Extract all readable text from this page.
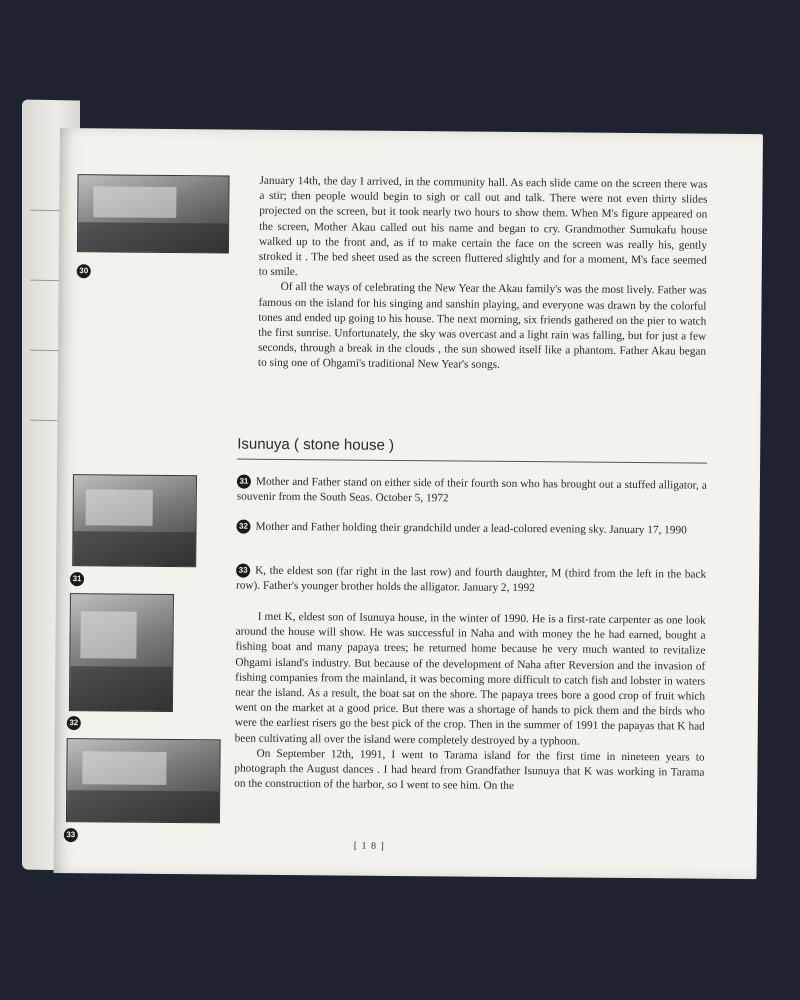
30

January 14th, the day I arrived, in the community hall. As each slide came on the screen there was a stir; then people would begin to sigh or call out and talk. There were not even thirty slides projected on the screen, but it took nearly two hours to show them. When M's figure appeared on the screen, Mother Akau called out his name and began to cry. Grandmother Sumukafu house walked up to the front and, as if to make certain the face on the screen was really his, gently stroked it . The bed sheet used as the screen fluttered slightly and for a moment, M's face seemed to smile.

Of all the ways of celebrating the New Year the Akau family's was the most lively. Father was famous on the island for his singing and sanshin playing, and everyone was drawn by the colorful tones and ended up going to his house. The next morning, six friends gathered on the pier to watch the first sunrise. Unfortunately, the sky was overcast and a light rain was falling, but for just a few seconds, through a break in the clouds , the sun showed itself like a phantom. Father Akau began to sing one of Ohgami's traditional New Year's songs.

Isunuya ( stone house )
31
32
33
31 Mother and Father stand on either side of their fourth son who has brought out a stuffed alligator, a souvenir from the South Seas. October 5, 1972
32 Mother and Father holding their grandchild under a lead-colored evening sky. January 17, 1990
33 K, the eldest son (far right in the last row) and fourth daughter, M (third from the left in the back row). Father's younger brother holds the alligator. January 2, 1992

I met K, eldest son of Isunuya house, in the winter of 1990. He is a first-rate carpenter as one look around the house will show. He was successful in Naha and with money the he had earned, bought a fishing boat and many papaya trees; he returned home because he very much wanted to revitalize Ohgami island's industry. But because of the development of Naha after Reversion and the invasion of fishing companies from the mainland, it was becoming more difficult to catch fish and lobster in waters near the island. As a result, the boat sat on the shore. The papaya trees bore a good crop of fruit which went on the market at a good price. But there was a shortage of hands to pick them and the birds who were the earliest risers go the best pick of the crop. Then in the summer of 1991 the papayas that K had been cultivating all over the island were completely destroyed by a typhoon.

On September 12th, 1991, I went to Tarama island for the first time in nineteen years to photograph the August dances . I had heard from Grandfather Isunuya that K was working in Tarama on the construction of the harbor, so I went to see him. On the

[ 1 8 ]
